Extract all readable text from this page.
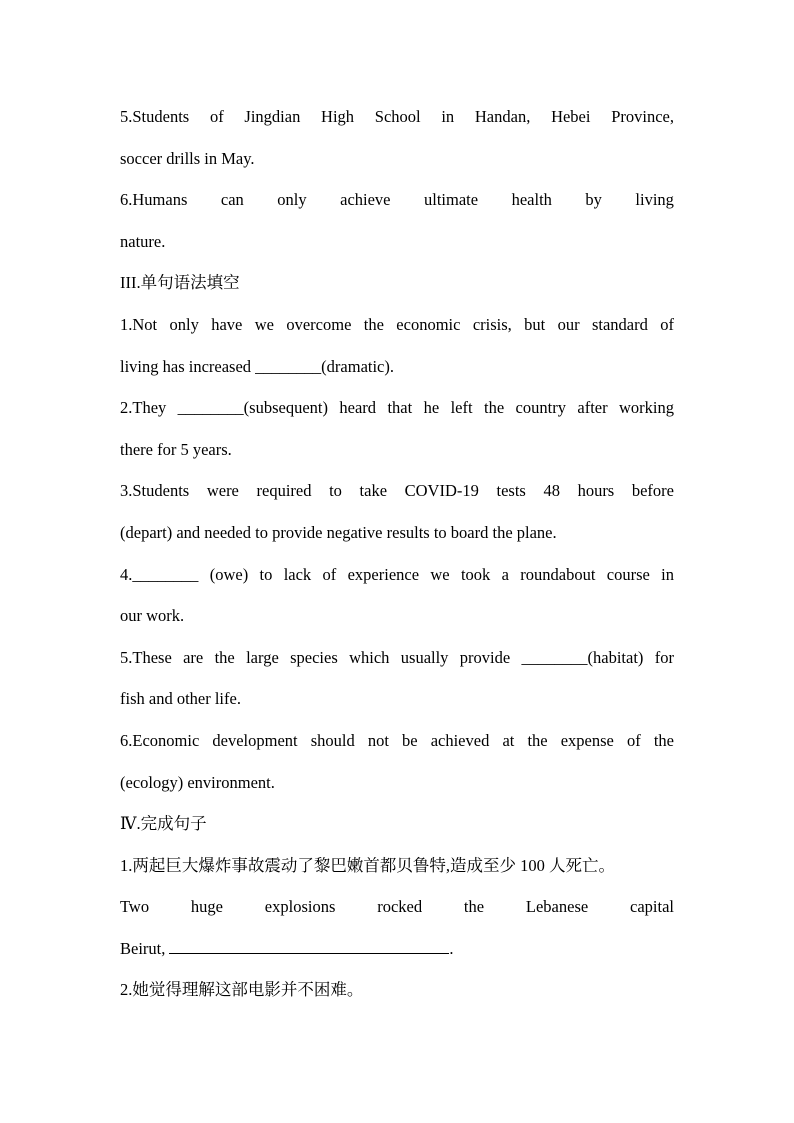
5.Students of Jingdian High School in Handan, Hebei Province,
soccer drills in May.
6.Humans can only achieve ultimate health by living
nature.
III.单句语法填空
1.Not only have we overcome the economic crisis, but our standard of
living has increased ________(dramatic).
2.They ________(subsequent) heard that he left the country after working
there for 5 years.
3.Students were required to take COVID-19 tests 48 hours before
(depart) and needed to provide negative results to board the plane.
4.________ (owe) to lack of experience we took a roundabout course in
our work.
5.These are the large species which usually provide ________(habitat) for
fish and other life.
6.Economic development should not be achieved at the expense of the
(ecology) environment.
Ⅳ.完成句子
1.两起巨大爆炸事故震动了黎巴嫩首都贝鲁特,造成至少 100 人死亡。
Two	huge	explosions	rocked	the	Lebanese	capital
Beirut,	.
2.她觉得理解这部电影并不困难。
